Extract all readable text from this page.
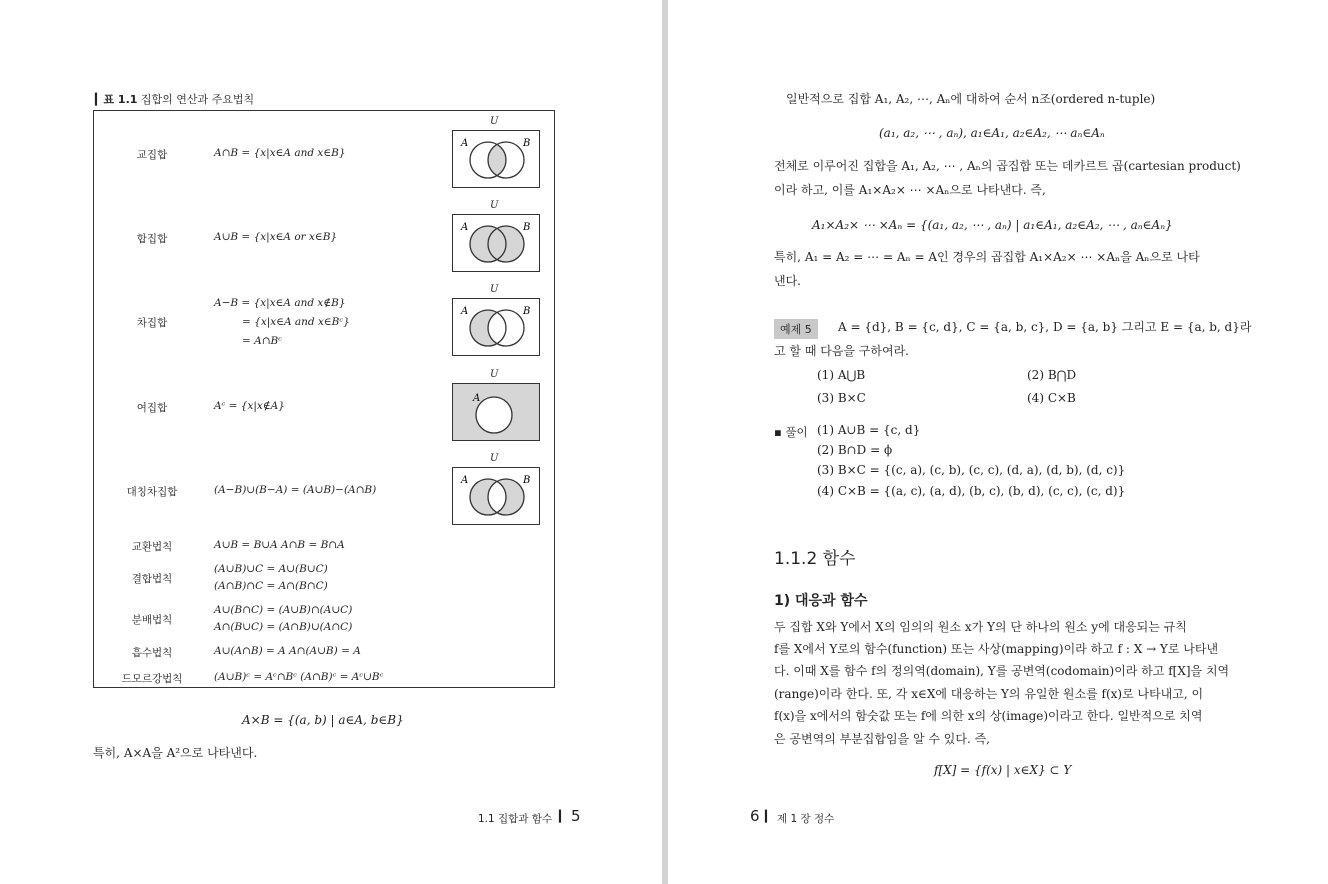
▎표 1.1 집합의 연산과 주요법칙
U
교집합	A∩B = {x|x∈A and x∈B}
A	B
U
합집합	A∪B = {x|x∈A or x∈B}
A	B
U
차집합
A−B = {x|x∈A and x∉B}
= {x|x∈A and x∈Bᶜ}
= A∩Bᶜ
A	B
U
여집합	Aᶜ = {x|x∉A}
A
U
대칭차집합	(A−B)∪(B−A) = (A∪B)−(A∩B)
A	B
교환법칙	A∪B = B∪A A∩B = B∩A
결합법칙
(A∪B)∪C = A∪(B∪C)
(A∩B)∩C = A∩(B∩C)
분배법칙
A∪(B∩C) = (A∪B)∩(A∪C)
A∩(B∪C) = (A∩B)∪(A∩C)
흡수법칙	A∪(A∩B) = A A∩(A∪B) = A
드모르강법칙	(A∪B)ᶜ = Aᶜ∩Bᶜ (A∩B)ᶜ = Aᶜ∪Bᶜ
A×B = {(a, b) | a∈A, b∈B}
특히, A×A을 A²으로 나타낸다.
1.1 집합과 함수 ▎ 5
일반적으로 집합 A₁, A₂, ⋯, Aₙ에 대하여 순서 n조(ordered n-tuple)
(a₁, a₂, ⋯ , aₙ), a₁∈A₁, a₂∈A₂, ⋯ aₙ∈Aₙ
전체로 이루어진 집합을 A₁, A₂, ⋯ , Aₙ의 곱집합 또는 데카르트 곱(cartesian product)
이라 하고, 이를 A₁×A₂× ⋯ ×Aₙ으로 나타낸다. 즉,
A₁×A₂× ⋯ ×Aₙ = {(a₁, a₂, ⋯ , aₙ) | a₁∈A₁, a₂∈A₂, ⋯ , aₙ∈Aₙ}
특히, A₁ = A₂ = ⋯ = Aₙ = A인 경우의 곱집합 A₁×A₂× ⋯ ×Aₙ을 Aₙ으로 나타
낸다.
예제 5	A = {d}, B = {c, d}, C = {a, b, c}, D = {a, b} 그리고 E = {a, b, d}라
고 할 때 다음을 구하여라.
(1) A⋃B	(2) B⋂D
(3) B×C	(4) C×B
▪ 풀이 (1) A∪B = {c, d}
(2) B∩D = ϕ
(3) B×C = {(c, a), (c, b), (c, c), (d, a), (d, b), (d, c)}
(4) C×B = {(a, c), (a, d), (b, c), (b, d), (c, c), (c, d)}
1.1.2 함수
1) 대응과 함수
두 집합 X와 Y에서 X의 임의의 원소 x가 Y의 단 하나의 원소 y에 대응되는 규칙
f를 X에서 Y로의 함수(function) 또는 사상(mapping)이라 하고 f : X → Y로 나타낸
다. 이때 X를 함수 f의 정의역(domain), Y를 공변역(codomain)이라 하고 f[X]을 치역
(range)이라 한다. 또, 각 x∈X에 대응하는 Y의 유일한 원소를 f(x)로 나타내고, 이
f(x)을 x에서의 함숫값 또는 f에 의한 x의 상(image)이라고 한다. 일반적으로 치역
은 공변역의 부분집합임을 알 수 있다. 즉,
f[X] = {f(x) | x∈X} ⊂ Y
6 ▎ 제 1 장 정수
